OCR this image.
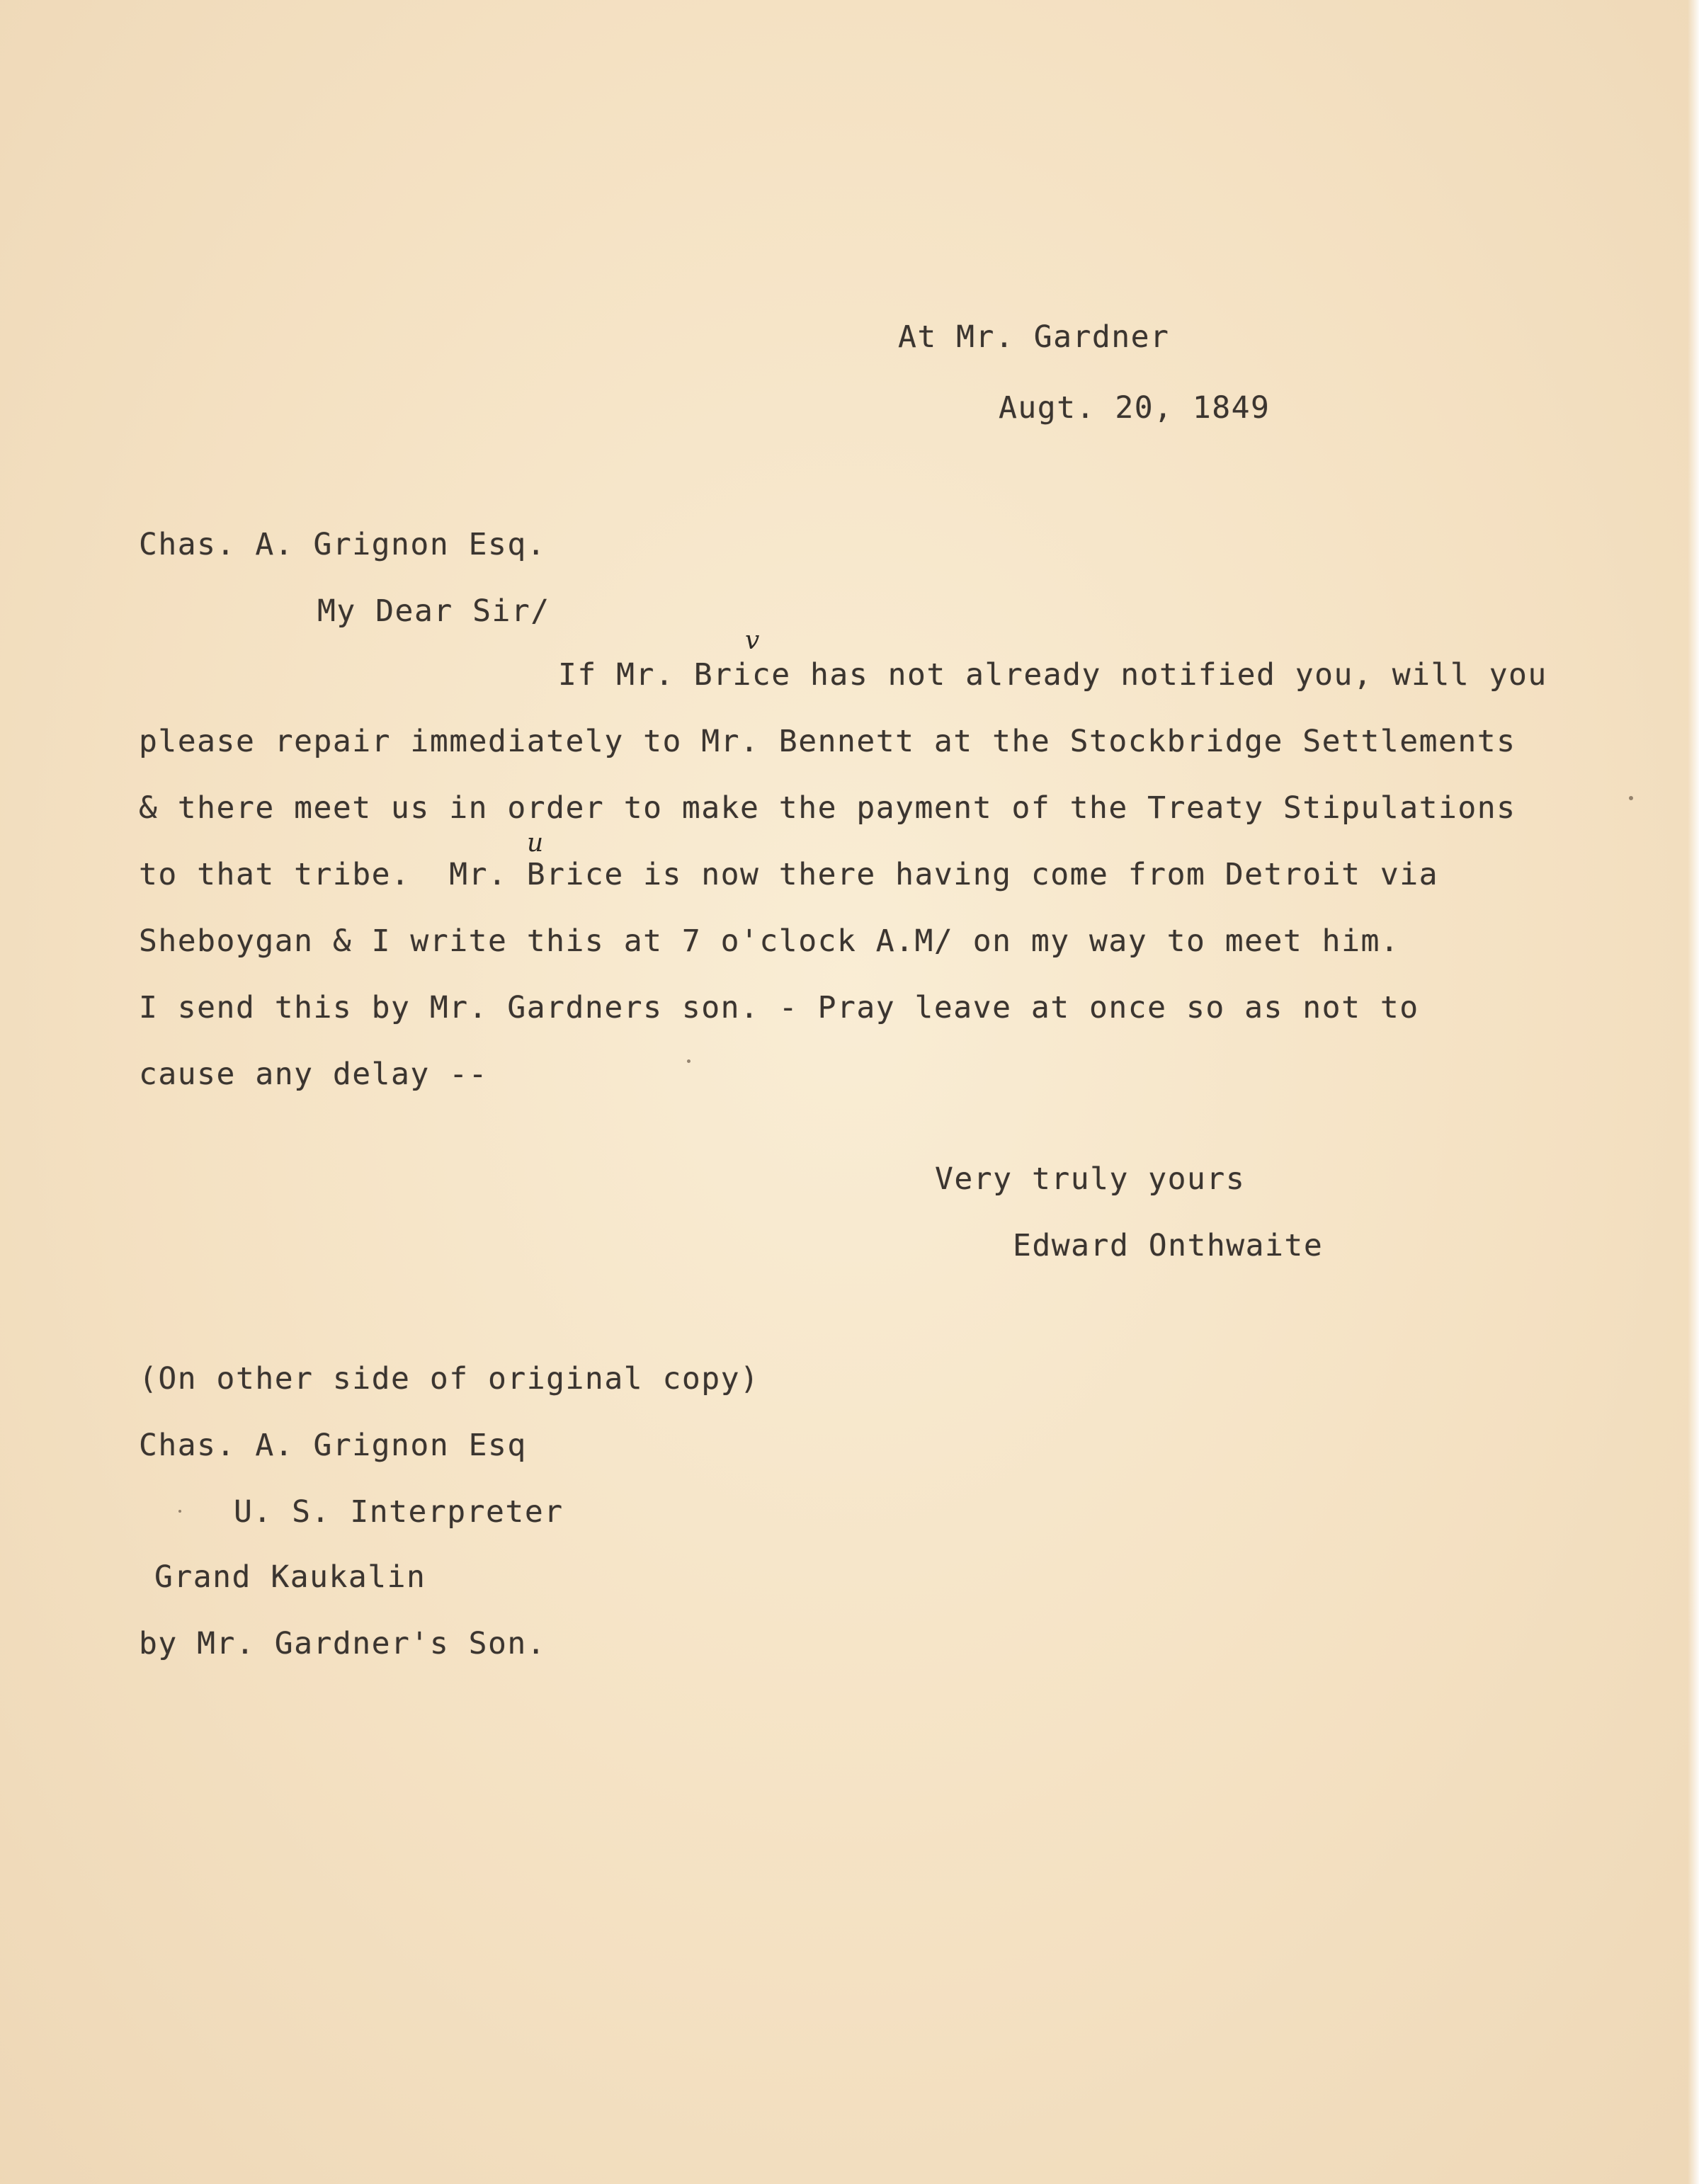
At Mr. Gardner
Augt. 20, 1849
Chas. A. Grignon Esq.
My Dear Sir/
If Mr. Brice has not already notified you, will you
please repair immediately to Mr. Bennett at the Stockbridge Settlements
& there meet us in order to make the payment of the Treaty Stipulations
to that tribe.  Mr. Brice is now there having come from Detroit via
Sheboygan & I write this at 7 o'clock A.M/ on my way to meet him.
I send this by Mr. Gardners son. - Pray leave at once so as not to
cause any delay --
v
u
Very truly yours
Edward Onthwaite
(On other side of original copy)
Chas. A. Grignon Esq
U. S. Interpreter
Grand Kaukalin
by Mr. Gardner's Son.
